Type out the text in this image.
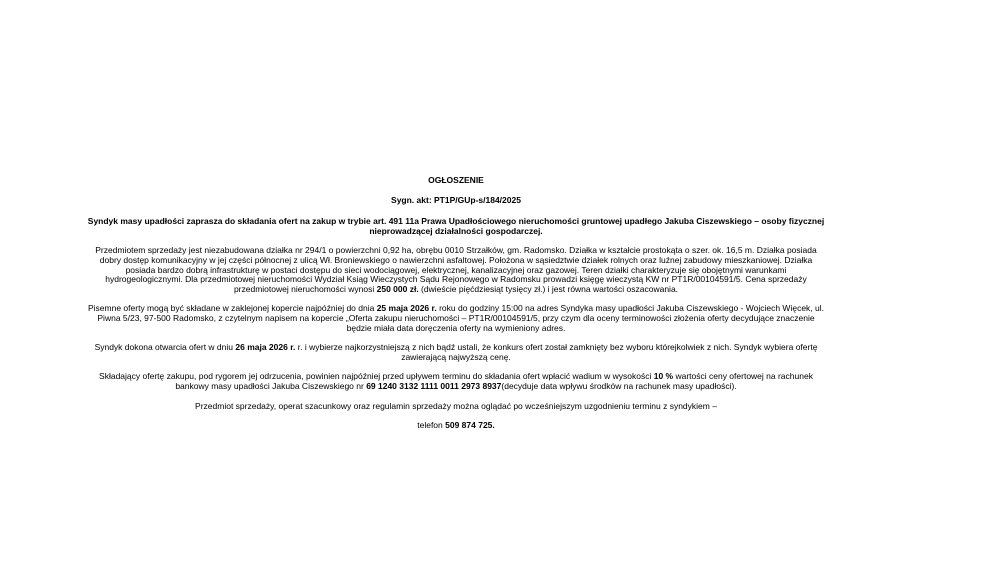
OGŁOSZENIE
Sygn. akt: PT1P/GUp-s/184/2025
Syndyk masy upadłości zaprasza do składania ofert na zakup w trybie art. 491 11a Prawa Upadłościowego nieruchomości gruntowej upadłego Jakuba Ciszewskiego – osoby fizycznej nieprowadzącej działalności gospodarczej.
Przedmiotem sprzedaży jest niezabudowana działka nr 294/1 o powierzchni 0,92 ha, obrębu 0010 Strzałków, gm. Radomsko. Działka w kształcie prostokąta o szer. ok. 16,5 m. Działka posiada dobry dostęp komunikacyjny w jej części północnej z ulicą Wł. Broniewskiego o nawierzchni asfaltowej. Położona w sąsiedztwie działek rolnych oraz luźnej zabudowy mieszkaniowej. Działka posiada bardzo dobrą infrastrukturę w postaci dostępu do sieci wodociągowej, elektrycznej, kanalizacyjnej oraz gazowej. Teren działki charakteryzuje się obojętnymi warunkami hydrogeologicznymi. Dla przedmiotowej nieruchomości Wydział Ksiąg Wieczystych Sądu Rejonowego w Radomsku prowadzi księgę wieczystą KW nr PT1R/00104591/5. Cena sprzedaży przedmiotowej nieruchomości wynosi 250 000 zł. (dwieście pięćdziesiąt tysięcy zł.) i jest równa wartości oszacowania.
Pisemne oferty mogą być składane w zaklejonej kopercie najpóźniej do dnia 25 maja 2026 r. roku do godziny 15:00 na adres Syndyka masy upadłości Jakuba Ciszewskiego - Wojciech Więcek, ul. Piwna 5/23, 97-500 Radomsko, z czytelnym napisem na kopercie „Oferta zakupu nieruchomości – PT1R/00104591/5, przy czym dla oceny terminowości złożenia oferty decydujące znaczenie będzie miała data doręczenia oferty na wymieniony adres.
Syndyk dokona otwarcia ofert w dniu 26 maja 2026 r. r. i wybierze najkorzystniejszą z nich bądź ustali, że konkurs ofert został zamknięty bez wyboru którejkolwiek z nich. Syndyk wybiera ofertę zawierającą najwyższą cenę.
Składający ofertę zakupu, pod rygorem jej odrzucenia, powinien najpóźniej przed upływem terminu do składania ofert wpłacić wadium w wysokości 10 % wartości ceny ofertowej na rachunek bankowy masy upadłości Jakuba Ciszewskiego nr 69 1240 3132 1111 0011 2973 8937(decyduje data wpływu środków na rachunek masy upadłości).
Przedmiot sprzedaży, operat szacunkowy oraz regulamin sprzedaży można oglądać po wcześniejszym uzgodnieniu terminu z syndykiem –
telefon 509 874 725.
